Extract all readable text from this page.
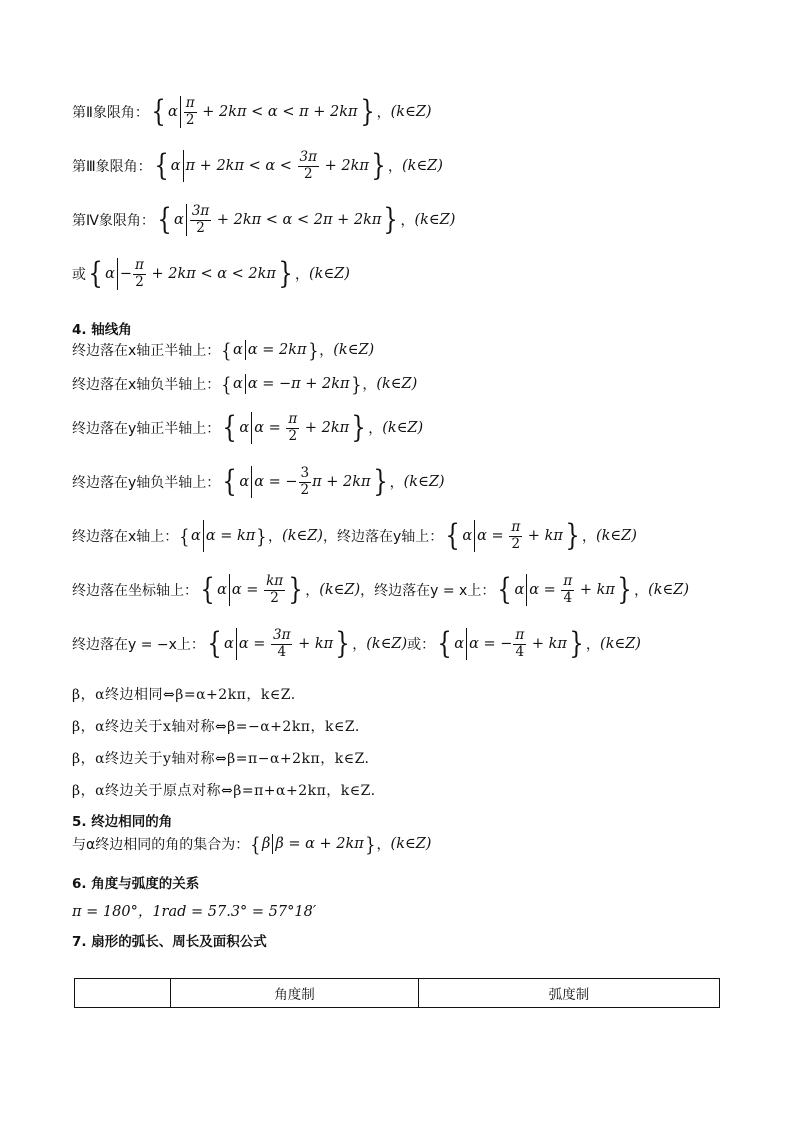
第Ⅱ象限角： { α $\frac{\pi}{2} + 2k\pi < \alpha < \pi + 2k\pi$ } ， (k∈Z)
第Ⅲ象限角： { α $\pi + 2k\pi < \alpha < \frac{3\pi}{2} + 2k\pi$ } ， (k∈Z)
第Ⅳ象限角： { α $\frac{3\pi}{2} + 2k\pi < \alpha < 2\pi + 2k\pi$ } ， (k∈Z)
或 { $\alpha - \frac{\pi}{2} + 2k\pi < \alpha < 2k\pi$ } ， (k∈Z)
4. 轴线角
终边落在x轴正半轴上： { α α = 2kπ } ， (k∈Z)
终边落在x轴负半轴上： { α α = −π + 2kπ } ， (k∈Z)
终边落在y轴正半轴上： { α $\alpha = \frac{\pi}{2} + 2k\pi$ } ， (k∈Z)
终边落在y轴负半轴上： { α α = − $\frac{3}{2}$ π + 2kπ } ， (k∈Z)
终边落在x轴上： { α α = kπ } ， (k∈Z) ，终边落在y轴上： { α $\alpha = \frac{\pi}{2} + k\pi$ } ， (k∈Z)
终边落在坐标轴上： { α $\alpha = \frac{k\pi}{2}$ } ， (k∈Z) ，终边落在y = x上： { α $\alpha = \frac{\pi}{4} + k\pi$ } ， (k∈Z)
终边落在y = −x上： { α $\alpha = \frac{3\pi}{4} + k\pi$ } ， (k∈Z) 或： { α α = − $\frac{\pi}{4} + k\pi$ } ， (k∈Z)
β，α终边相同⇔β=α+2kπ，k∈Z.
β，α终边关于x轴对称⇔β=−α+2kπ，k∈Z.
β，α终边关于y轴对称⇔β=π−α+2kπ，k∈Z.
β，α终边关于原点对称⇔β=π+α+2kπ，k∈Z.
5. 终边相同的角
与α终边相同的角的集合为： { β β = α + 2kπ } ， (k∈Z)
6. 角度与弧度的关系
π = 180°，1rad = 57.3° = 57°18′
7. 扇形的弧长、周长及面积公式
	角度制	弧度制
